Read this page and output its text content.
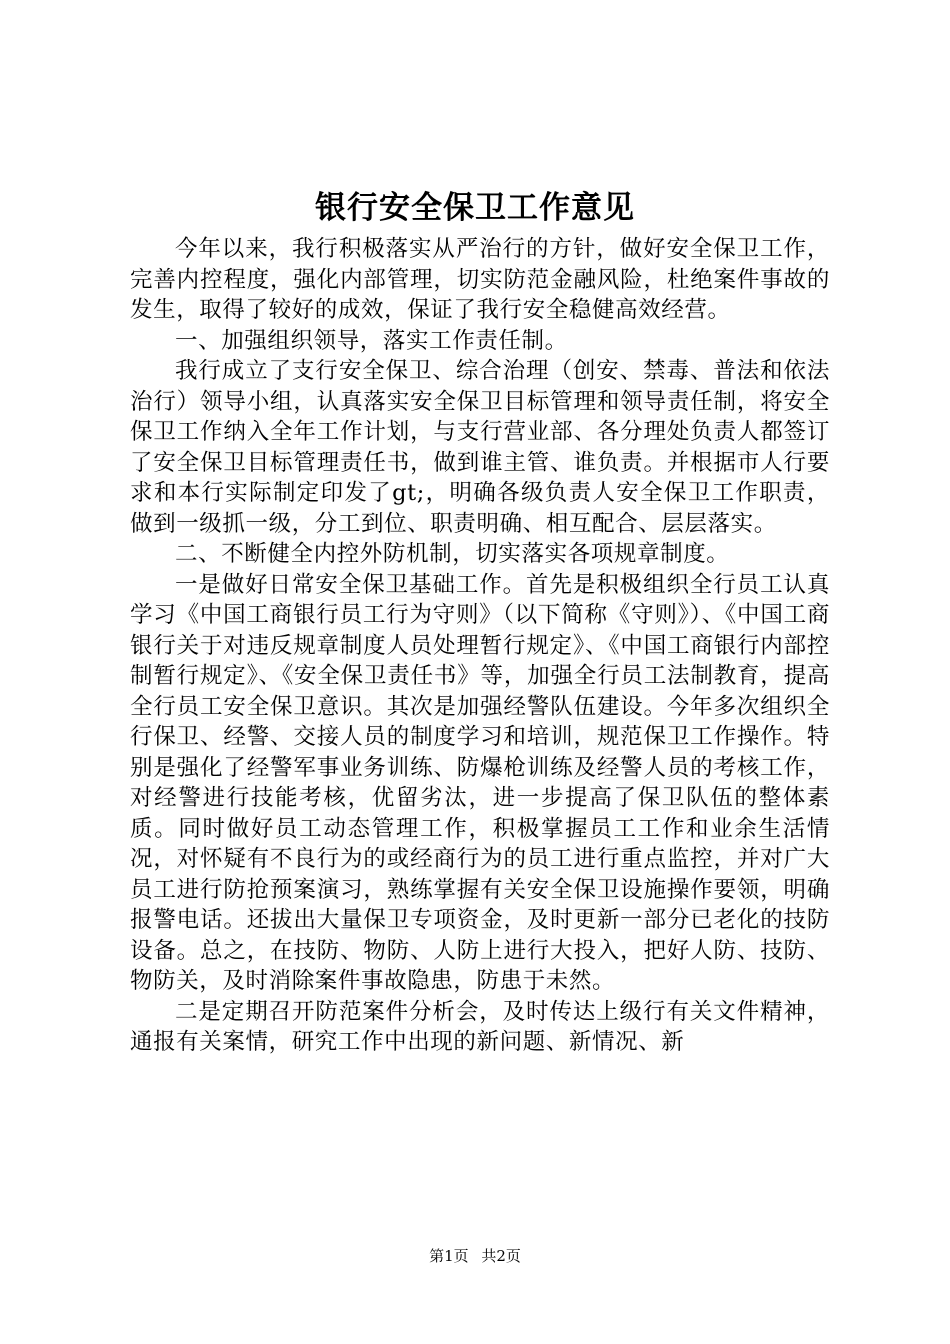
银行安全保卫工作意见

今年以来，我行积极落实从严治行的方针，做好安全保卫工作，完善内控程度，强化内部管理，切实防范金融风险，杜绝案件事故的发生，取得了较好的成效，保证了我行安全稳健高效经营。

一、加强组织领导，落实工作责任制。

我行成立了支行安全保卫、综合治理（创安、禁毒、普法和依法治行）领导小组，认真落实安全保卫目标管理和领导责任制，将安全保卫工作纳入全年工作计划，与支行营业部、各分理处负责人都签订了安全保卫目标管理责任书，做到谁主管、谁负责。并根据市人行要求和本行实际制定印发了gt;，明确各级负责人安全保卫工作职责，做到一级抓一级，分工到位、职责明确、相互配合、层层落实。

二、不断健全内控外防机制，切实落实各项规章制度。

一是做好日常安全保卫基础工作。首先是积极组织全行员工认真学习《中国工商银行员工行为守则》（以下简称《守则》）、《中国工商银行关于对违反规章制度人员处理暂行规定》、《中国工商银行内部控制暂行规定》、《安全保卫责任书》等，加强全行员工法制教育，提高全行员工安全保卫意识。其次是加强经警队伍建设。今年多次组织全行保卫、经警、交接人员的制度学习和培训，规范保卫工作操作。特别是强化了经警军事业务训练、防爆枪训练及经警人员的考核工作，对经警进行技能考核，优留劣汰，进一步提高了保卫队伍的整体素质。同时做好员工动态管理工作，积极掌握员工工作和业余生活情况，对怀疑有不良行为的或经商行为的员工进行重点监控，并对广大员工进行防抢预案演习，熟练掌握有关安全保卫设施操作要领，明确报警电话。还拔出大量保卫专项资金，及时更新一部分已老化的技防设备。总之，在技防、物防、人防上进行大投入，把好人防、技防、物防关，及时消除案件事故隐患，防患于未然。

二是定期召开防范案件分析会，及时传达上级行有关文件精神，通报有关案情，研究工作中出现的新问题、新情况、新

第1页 共2页
